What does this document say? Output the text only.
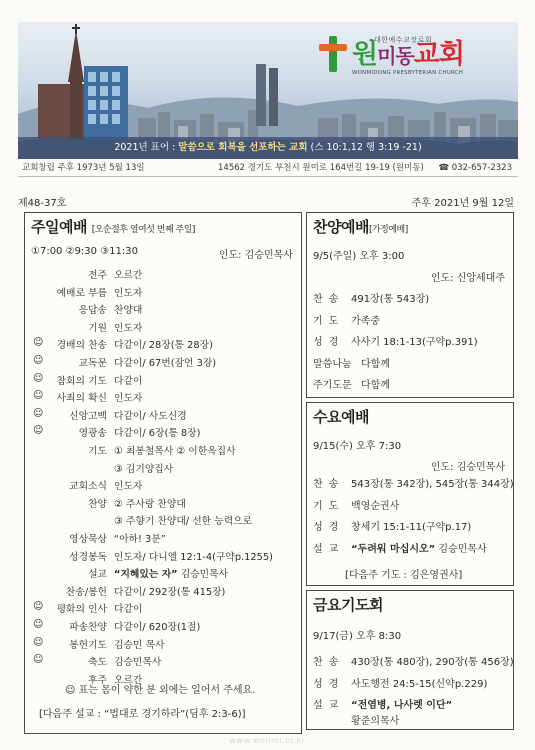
대한예수교장로회
원미동교회
WONMIDONG PRESBYTERIAN CHURCH
2021년 표어 : 말씀으로 회복을 선포하는 교회 (스 10:1,12 행 3:19 -21)
교회창립 주후 1973년 5월 13일	14562 경기도 부천시 원미로 164번길 19-19 (원미동) ☎ 032-657-2323
제48-37호	주후 2021년 9월 12일
주일예배 [오순절후 열여섯 번째 주일]
①7:00 ②9:30 ③11:30	인도: 김승민목사
전주 오르간
예배로 부름 인도자
응답송 찬양대
기원 인도자
☺	경배의 찬송 다같이/ 28장(통 28장)
☺	교독문 다같이/ 67번(잠언 3장)
☺	참회의 기도 다같이
☺	사죄의 확신 인도자
☺	신앙고백 다같이/ 사도신경
☺	영광송 다같이/ 6장(통 8장)
기도 ① 최봉철목사 ② 이한옥집사
③ 김기양집사
교회소식 인도자
찬양 ② 주사랑 찬양대
③ 주향기 찬양대/ 선한 능력으로
영상묵상 “아하! 3분”
성경봉독 인도자/ 다니엘 12:1-4(구약p.1255)
설교 “지혜있는 자” 김승민목사
찬송/봉헌 다같이/ 292장(통 415장)
☺	평화의 인사 다같이
☺	파송찬양 다같이/ 620장(1절)
☺	봉헌기도 김승민 목사
☺	축도 김승민목사
후주 오르간
☺ 표는 몸이 약한 분 외에는 일어서 주세요.
[다음주 설교 : “법대로 경기하라”(딤후 2:3-6)]
찬양예배[가정예배]
9/5(주일) 오후 3:00
인도: 신앙세대주
찬송 491장(통 543장)
기도 가족중
성경 사사기 18:1-13(구약p.391)
말씀나눔 다함께
주기도문 다함께
수요예배
9/15(수) 오후 7:30
인도: 김승민목사
찬송 543장(통 342장), 545장(통 344장)
기도 백영순권사
성경 창세기 15:1-11(구약p.17)
설교 “두려워 마십시오” 김승민목사
[다음주 기도 : 김은영권사]
금요기도회
9/17(금) 오후 8:30
찬송 430장(통 480장), 290장(통 456장)
성경 사도행전 24:5-15(신약p.229)
설교 “전염병, 나사렛 이단”
황준의목사
www.wonmi.or.kr
